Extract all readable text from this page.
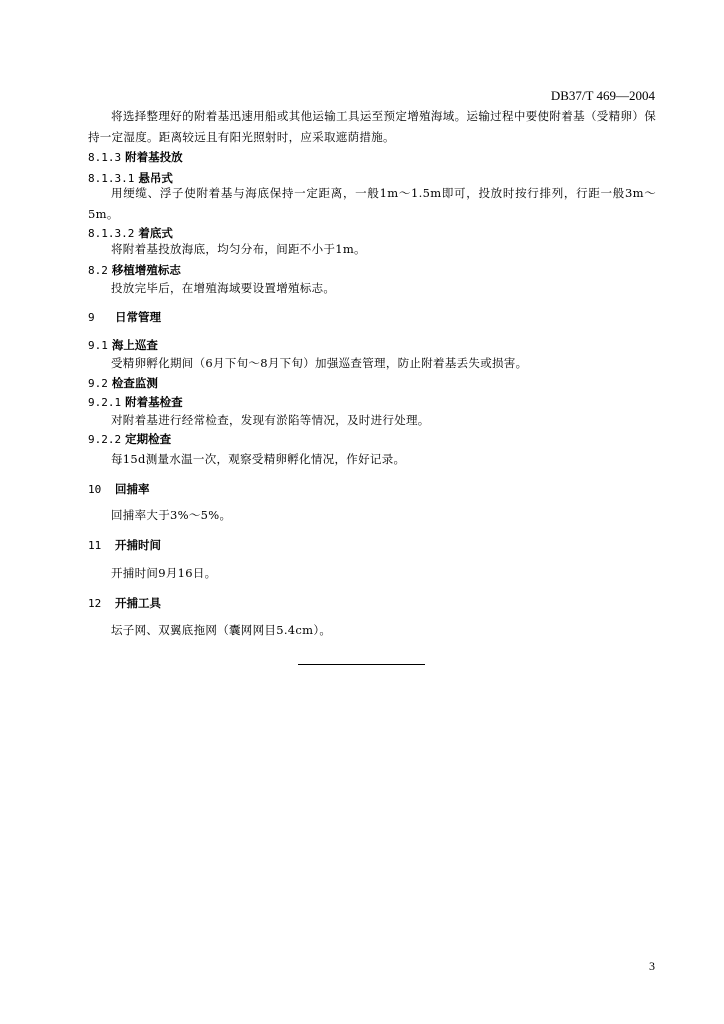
DB37/T 469—2004
将选择整理好的附着基迅速用船或其他运输工具运至预定增殖海域。运输过程中要使附着基（受精卵）保持一定湿度。距离较远且有阳光照射时，应采取遮荫措施。
8.1.3 附着基投放
8.1.3.1 悬吊式
用绠缆、浮子使附着基与海底保持一定距离，一般1m～1.5m即可，投放时按行排列，行距一般3m～5m。
8.1.3.2 着底式
将附着基投放海底，均匀分布，间距不小于1m。
8.2 移植增殖标志
投放完毕后，在增殖海域要设置增殖标志。
9 日常管理
9.1 海上巡查
受精卵孵化期间（6月下旬～8月下旬）加强巡查管理，防止附着基丢失或损害。
9.2 检查监测
9.2.1 附着基检查
对附着基进行经常检查，发现有淤陷等情况，及时进行处理。
9.2.2 定期检查
每15d测量水温一次，观察受精卵孵化情况，作好记录。
10 回捕率
回捕率大于3%～5%。
11 开捕时间
开捕时间9月16日。
12 开捕工具
坛子网、双翼底拖网（囊网网目5.4cm）。
3
